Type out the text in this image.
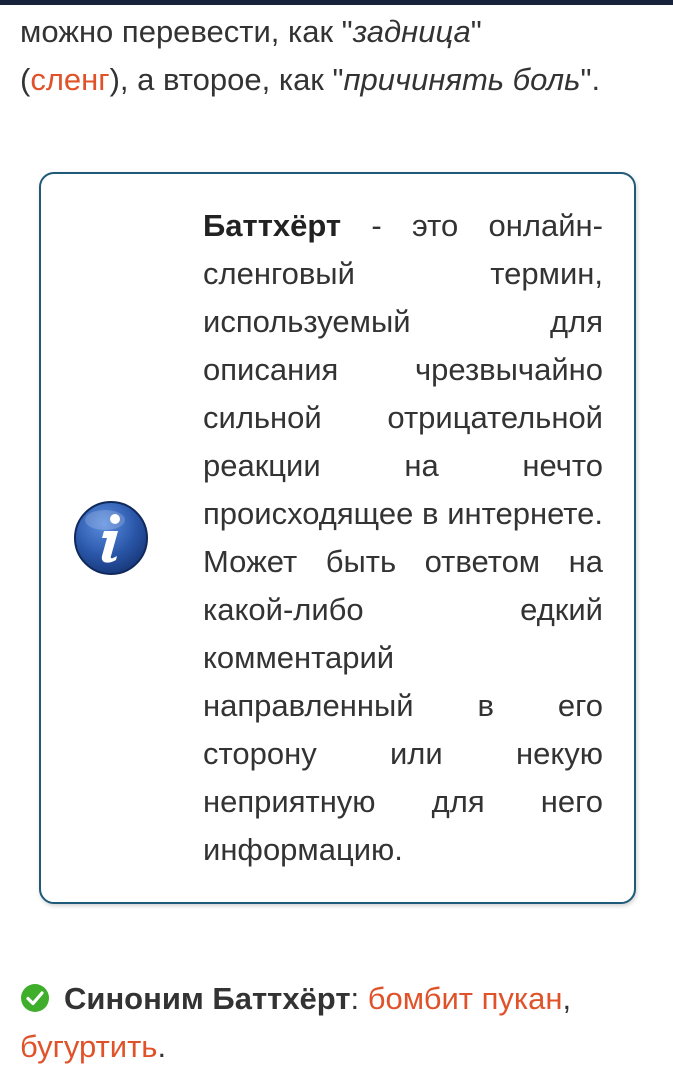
можно перевести, как "задница"
(сленг), а второе, как "причинять боль".
Баттхёрт - это онлайн-сленговый термин, используемый для описания чрезвычайно сильной отрицательной реакции на нечто происходящее в интернете. Может быть ответом на какой-либо едкий комментарий направленный в его сторону или некую неприятную для него информацию.
Синоним Баттхёрт: бомбит пукан,
бугуртить.
